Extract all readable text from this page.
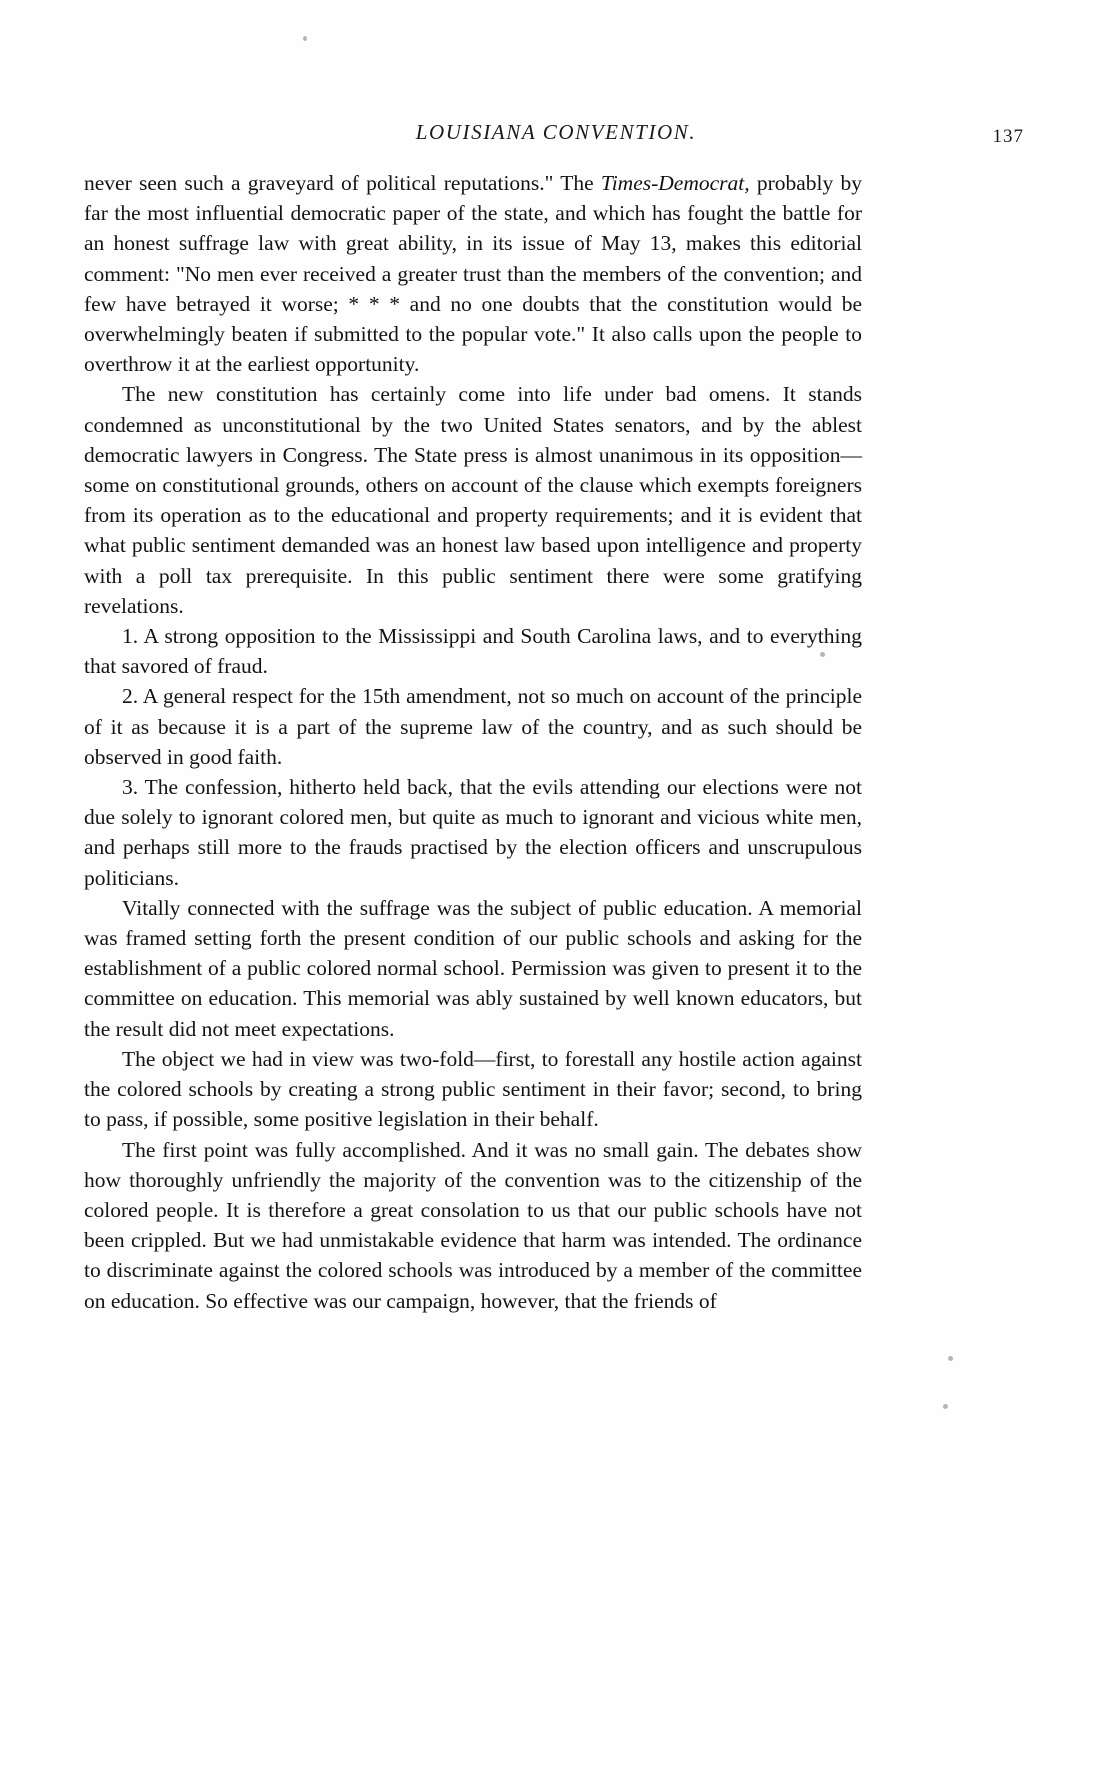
LOUISIANA CONVENTION.	137

never seen such a graveyard of political reputations." The Times-Democrat, probably by far the most influential democratic paper of the state, and which has fought the battle for an honest suffrage law with great ability, in its issue of May 13, makes this editorial comment: "No men ever received a greater trust than the members of the convention; and few have betrayed it worse; * * * and no one doubts that the constitution would be overwhelmingly beaten if submitted to the popular vote." It also calls upon the people to overthrow it at the earliest opportunity.

The new constitution has certainly come into life under bad omens. It stands condemned as unconstitutional by the two United States senators, and by the ablest democratic lawyers in Congress. The State press is almost unanimous in its opposition—some on constitutional grounds, others on account of the clause which exempts foreigners from its operation as to the educational and property requirements; and it is evident that what public sentiment demanded was an honest law based upon intelligence and property with a poll tax prerequisite. In this public sentiment there were some gratifying revelations.

1. A strong opposition to the Mississippi and South Carolina laws, and to everything that savored of fraud.

2. A general respect for the 15th amendment, not so much on account of the principle of it as because it is a part of the supreme law of the country, and as such should be observed in good faith.

3. The confession, hitherto held back, that the evils attending our elections were not due solely to ignorant colored men, but quite as much to ignorant and vicious white men, and perhaps still more to the frauds practised by the election officers and unscrupulous politicians.

Vitally connected with the suffrage was the subject of public education. A memorial was framed setting forth the present condition of our public schools and asking for the establishment of a public colored normal school. Permission was given to present it to the committee on education. This memorial was ably sustained by well known educators, but the result did not meet expectations.

The object we had in view was two-fold—first, to forestall any hostile action against the colored schools by creating a strong public sentiment in their favor; second, to bring to pass, if possible, some positive legislation in their behalf.

The first point was fully accomplished. And it was no small gain. The debates show how thoroughly unfriendly the majority of the convention was to the citizenship of the colored people. It is therefore a great consolation to us that our public schools have not been crippled. But we had unmistakable evidence that harm was intended. The ordinance to discriminate against the colored schools was introduced by a member of the committee on education. So effective was our campaign, however, that the friends of
